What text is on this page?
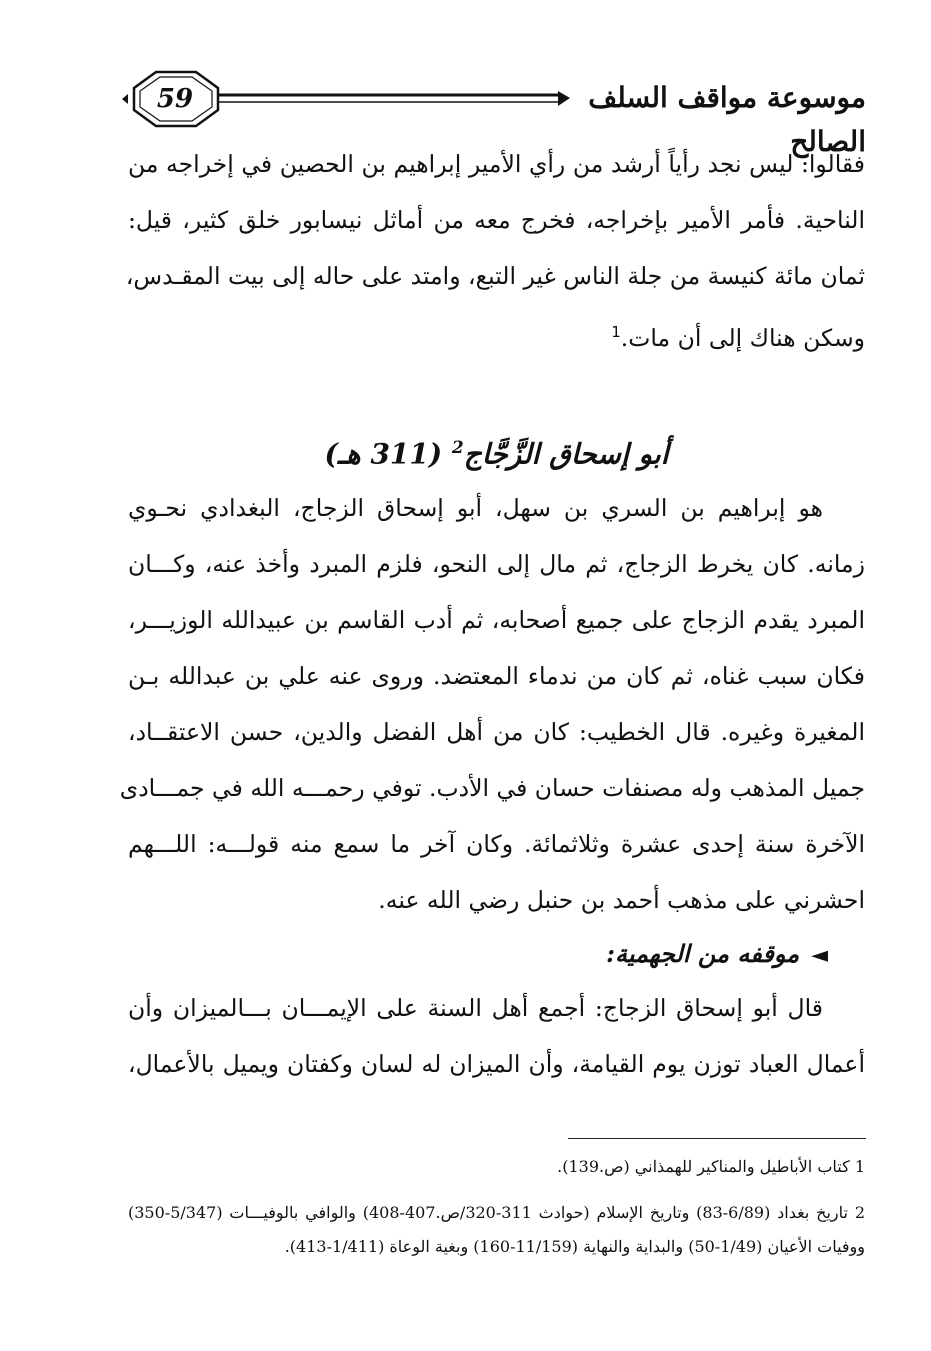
59	موسوعة مواقف السلف الصالح
فقالوا: ليس نجد رأياً أرشد من رأي الأمير إبراهيم بن الحصين في إخراجه من
الناحية. فأمر الأمير بإخراجه، فخرج معه من أماثل نيسابور خلق كثير، قيل:
ثمان مائة كنيسة من جلة الناس غير التبع، وامتد على حاله إلى بيت المقـدس،
وسكن هناك إلى أن مات.$^1$
أبو إسحاق الزَّجَّاج$^2$ (311 هـ)
هو إبراهيم بن السري بن سهل، أبو إسحاق الزجاج، البغدادي نحـوي
زمانه. كان يخرط الزجاج، ثم مال إلى النحو، فلزم المبرد وأخذ عنه، وكـــان
المبرد يقدم الزجاج على جميع أصحابه، ثم أدب القاسم بن عبيدالله الوزيـــر،
فكان سبب غناه، ثم كان من ندماء المعتضد. وروى عنه علي بن عبدالله بـن
المغيرة وغيره. قال الخطيب: كان من أهل الفضل والدين، حسن الاعتقــاد،
جميل المذهب وله مصنفات حسان في الأدب. توفي رحمـــه الله في جمـــادى
الآخرة سنة إحدى عشرة وثلاثمائة. وكان آخر ما سمع منه قولـــه: اللـــهم
احشرني على مذهب أحمد بن حنبل رضي الله عنه.
◄موقفه من الجهمية:
قال أبو إسحاق الزجاج: أجمع أهل السنة على الإيمـــان بـــالميزان وأن
أعمال العباد توزن يوم القيامة، وأن الميزان له لسان وكفتان ويميل بالأعمال،
1 كتاب الأباطيل والمناكير للهمذاني (ص.139).
2 تاريخ بغداد (6/89-83) وتاريخ الإسلام (حوادث 311-320/ص.407-408) والوافي بالوفيـــات (5/347-350)
ووفيات الأعيان (1/49-50) والبداية والنهاية (11/159-160) وبغية الوعاة (1/411-413).
